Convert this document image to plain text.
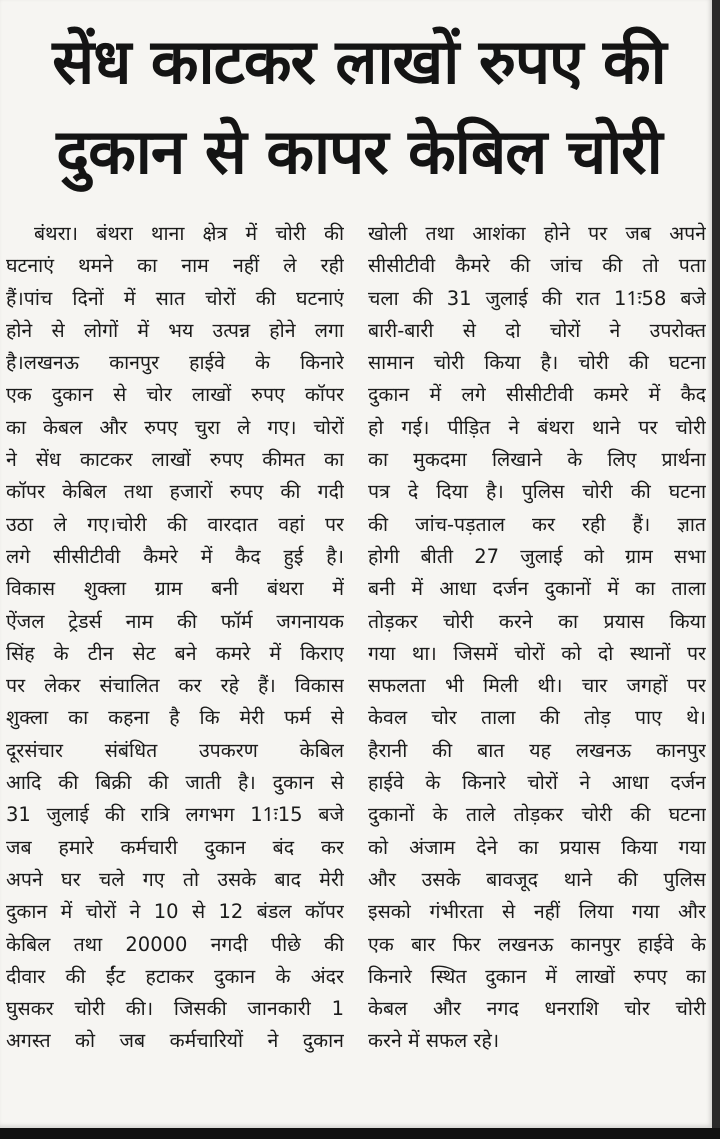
सेंध काटकर लाखों रुपए की
दुकान से कापर केबिल चोरी
बंथरा। बंथरा थाना क्षेत्र में चोरी की
घटनाएं थमने का नाम नहीं ले रही
हैं।पांच दिनों में सात चोरों की घटनाएं
होने से लोगों में भय उत्पन्न होने लगा
है।लखनऊ कानपुर हाईवे के किनारे
एक दुकान से चोर लाखों रुपए कॉपर
का केबल और रुपए चुरा ले गए। चोरों
ने सेंध काटकर लाखों रुपए कीमत का
कॉपर केबिल तथा हजारों रुपए की गदी
उठा ले गए।चोरी की वारदात वहां पर
लगे सीसीटीवी कैमरे में कैद हुई है।
विकास शुक्ला ग्राम बनी बंथरा में
ऐंजल ट्रेडर्स नाम की फॉर्म जगनायक
सिंह के टीन सेट बने कमरे में किराए
पर लेकर संचालित कर रहे हैं। विकास
शुक्ला का कहना है कि मेरी फर्म से
दूरसंचार संबंधित उपकरण केबिल
आदि की बिक्री की जाती है। दुकान से
31 जुलाई की रात्रि लगभग 11ः15 बजे
जब हमारे कर्मचारी दुकान बंद कर
अपने घर चले गए तो उसके बाद मेरी
दुकान में चोरों ने 10 से 12 बंडल कॉपर
केबिल तथा 20000 नगदी पीछे की
दीवार की ईंट हटाकर दुकान के अंदर
घुसकर चोरी की। जिसकी जानकारी 1
अगस्त को जब कर्मचारियों ने दुकान
खोली तथा आशंका होने पर जब अपने
सीसीटीवी कैमरे की जांच की तो पता
चला की 31 जुलाई की रात 11ः58 बजे
बारी-बारी से दो चोरों ने उपरोक्त
सामान चोरी किया है। चोरी की घटना
दुकान में लगे सीसीटीवी कमरे में कैद
हो गई। पीड़ित ने बंथरा थाने पर चोरी
का मुकदमा लिखाने के लिए प्रार्थना
पत्र दे दिया है। पुलिस चोरी की घटना
की जांच-पड़ताल कर रही हैं। ज्ञात
होगी बीती 27 जुलाई को ग्राम सभा
बनी में आधा दर्जन दुकानों में का ताला
तोड़कर चोरी करने का प्रयास किया
गया था। जिसमें चोरों को दो स्थानों पर
सफलता भी मिली थी। चार जगहों पर
केवल चोर ताला की तोड़ पाए थे।
हैरानी की बात यह लखनऊ कानपुर
हाईवे के किनारे चोरों ने आधा दर्जन
दुकानों के ताले तोड़कर चोरी की घटना
को अंजाम देने का प्रयास किया गया
और उसके बावजूद थाने की पुलिस
इसको गंभीरता से नहीं लिया गया और
एक बार फिर लखनऊ कानपुर हाईवे के
किनारे स्थित दुकान में लाखों रुपए का
केबल और नगद धनराशि चोर चोरी
करने में सफल रहे।
